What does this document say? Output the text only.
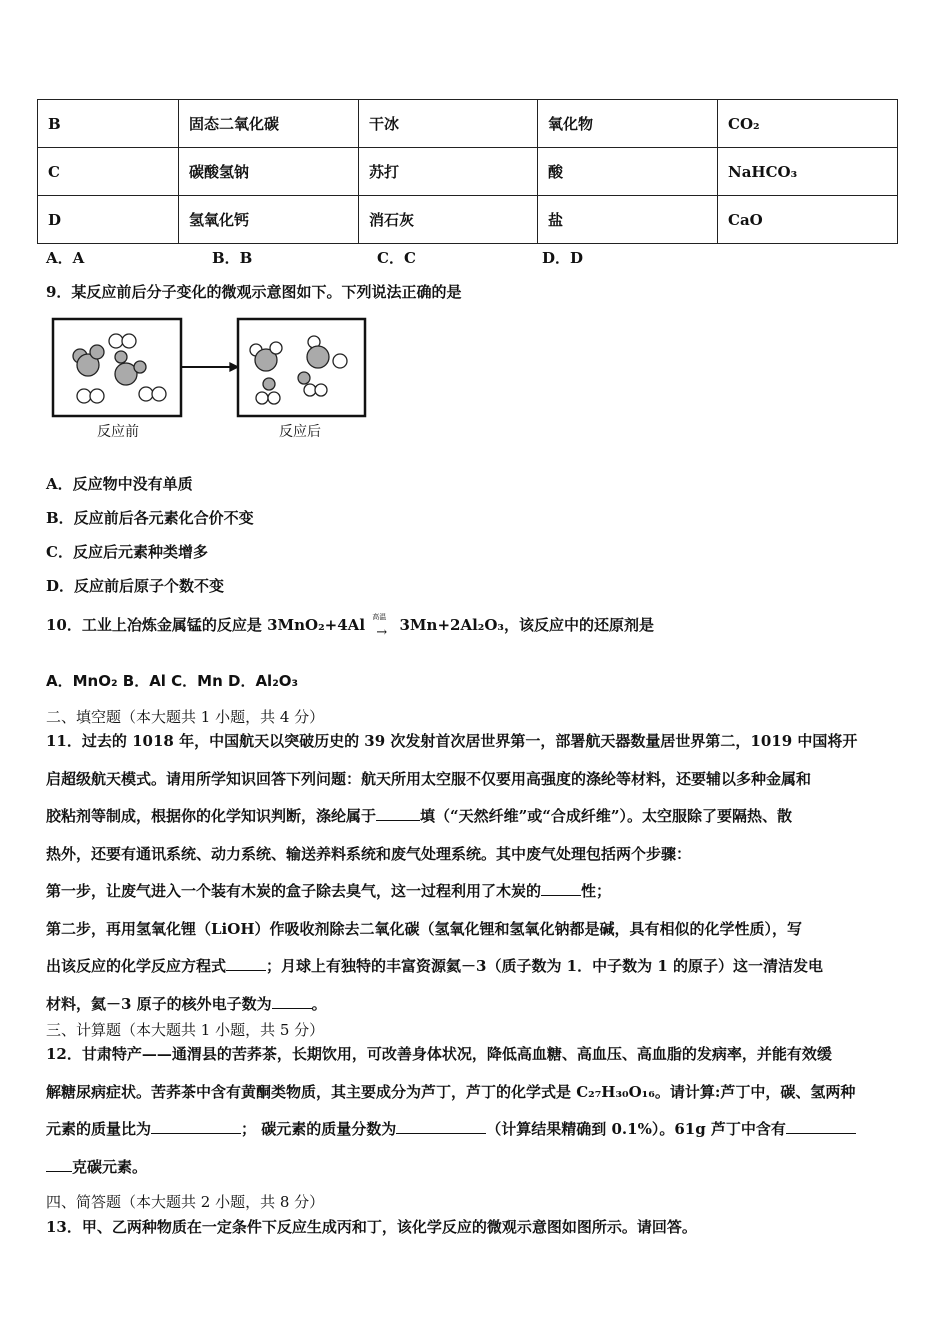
B	固态二氧化碳	干冰	氧化物	CO₂
C	碳酸氢钠	苏打	酸	NaHCO₃
D	氢氧化钙	消石灰	盐	CaO
A．A	B．B	C．C	D．D
9．某反应前后分子变化的微观示意图如下。下列说法正确的是
反应前	反应后
A．反应物中没有单质
B．反应前后各元素化合价不变
C．反应后元素种类增多
D．反应前后原子个数不变
10．工业上冶炼金属锰的反应是 3MnO₂+4Al 高温
→ 3Mn+2Al₂O₃，该反应中的还原剂是
A．MnO₂ B．Al C．Mn D．Al₂O₃
二、填空题（本大题共 1 小题，共 4 分）
11．过去的 1018 年，中国航天以突破历史的 39 次发射首次居世界第一，部署航天器数量居世界第二，1019 中国将开
启超级航天模式。请用所学知识回答下列问题：航天所用太空服不仅要用高强度的涤纶等材料，还要辅以多种金属和
胶粘剂等制成，根据你的化学知识判断，涤纶属于	填（“天然纤维”或“合成纤维”）。太空服除了要隔热、散
热外，还要有通讯系统、动力系统、输送养料系统和废气处理系统。其中废气处理包括两个步骤：
第一步，让废气进入一个装有木炭的盒子除去臭气，这一过程利用了木炭的	性；
第二步，再用氢氧化锂（LiOH）作吸收剂除去二氧化碳（氢氧化锂和氢氧化钠都是碱，具有相似的化学性质），写
出该反应的化学反应方程式	；月球上有独特的丰富资源氦－3（质子数为 1．中子数为 1 的原子）这一清洁发电
材料，氦－3 原子的核外电子数为	。
三、计算题（本大题共 1 小题，共 5 分）
12．甘肃特产——通渭县的苦荞茶，长期饮用，可改善身体状况，降低高血糖、高血压、高血脂的发病率，并能有效缓
解糖尿病症状。苦荞茶中含有黄酮类物质，其主要成分为芦丁，芦丁的化学式是 C₂₇H₃₀O₁₆。请计算:芦丁中，碳、氢两种
元素的质量比为	； 碳元素的质量分数为	（计算结果精确到 0.1%）。61g 芦丁中含有
克碳元素。
四、简答题（本大题共 2 小题，共 8 分）
13．甲、乙两种物质在一定条件下反应生成丙和丁，该化学反应的微观示意图如图所示。请回答。
